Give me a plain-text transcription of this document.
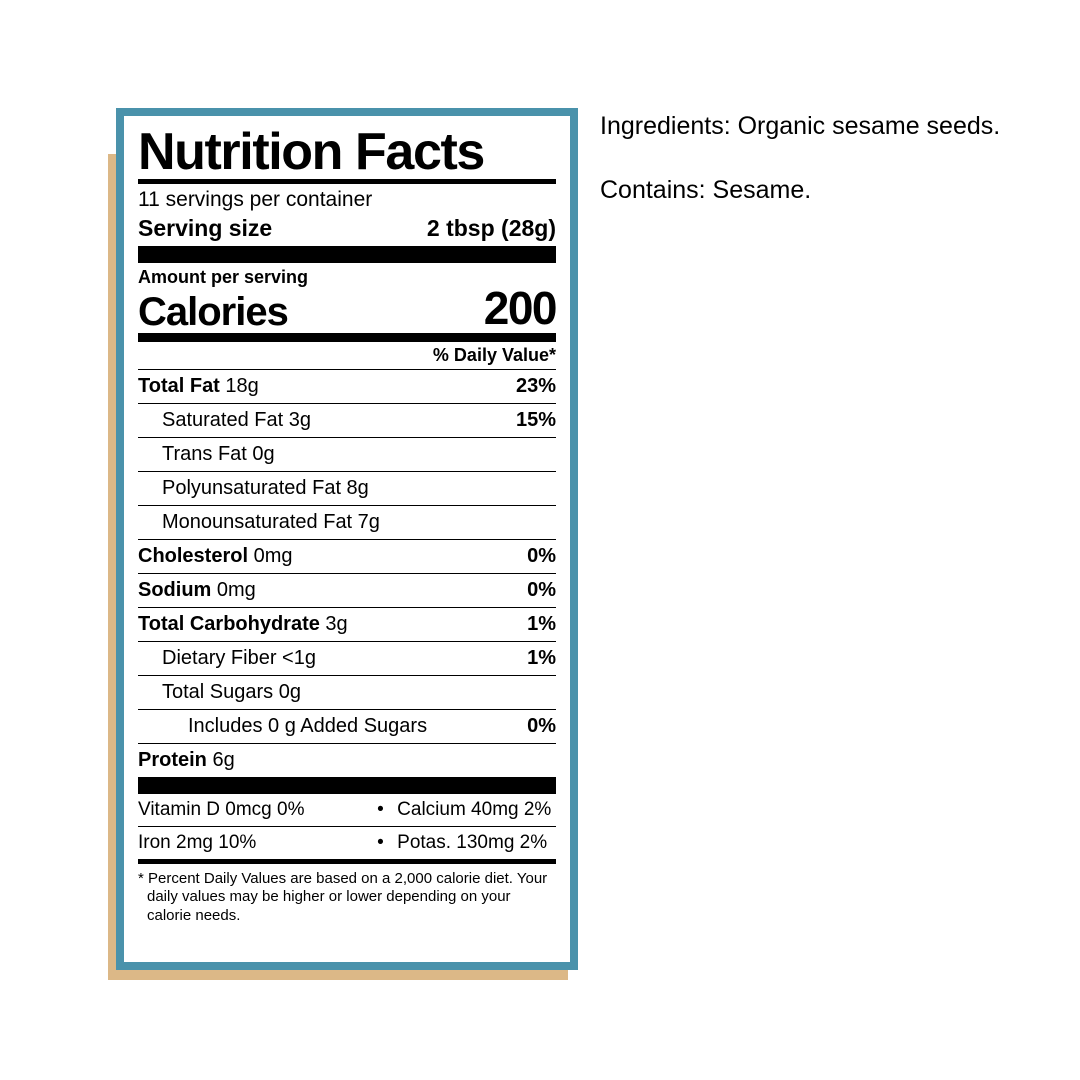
Nutrition Facts
11 servings per container
Serving size	2 tbsp (28g)
Amount per serving
Calories	200
% Daily Value*
Total Fat 18g	23%
Saturated Fat 3g	15%
Trans Fat 0g
Polyunsaturated Fat 8g
Monounsaturated Fat 7g
Cholesterol 0mg	0%
Sodium 0mg	0%
Total Carbohydrate 3g	1%
Dietary Fiber <1g	1%
Total Sugars 0g
Includes 0 g Added Sugars	0%
Protein 6g
Vitamin D 0mcg 0%	• Calcium 40mg 2%
Iron 2mg 10%	• Potas. 130mg 2%
* Percent Daily Values are based on a 2,000 calorie diet. Your daily values may be higher or lower depending on your calorie needs.

Ingredients: Organic sesame seeds.

Contains: Sesame.
